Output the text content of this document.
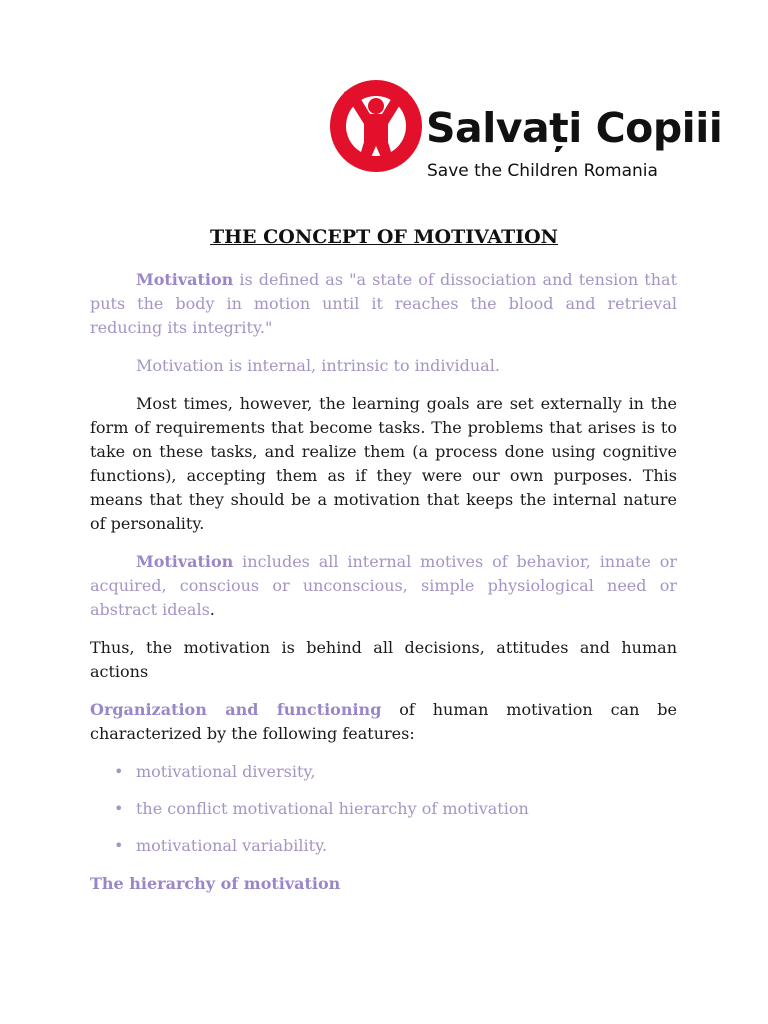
Salvați Copiii
Save the Children Romania
THE CONCEPT OF MOTIVATION

Motivation is defined as "a state of dissociation and tension that puts the body in motion until it reaches the blood and retrieval reducing its integrity."

Motivation is internal, intrinsic to individual.

Most times, however, the learning goals are set externally in the form of requirements that become tasks. The problems that arises is to take on these tasks, and realize them (a process done using cognitive functions), accepting them as if they were our own purposes. This means that they should be a motivation that keeps the internal nature of personality.

Motivation includes all internal motives of behavior, innate or acquired, conscious or unconscious, simple physiological need or abstract ideals.

Thus, the motivation is behind all decisions, attitudes and human actions

Organization and functioning of human motivation can be characterized by the following features:

• motivational diversity,
• the conflict motivational hierarchy of motivation
• motivational variability.

The hierarchy of motivation
